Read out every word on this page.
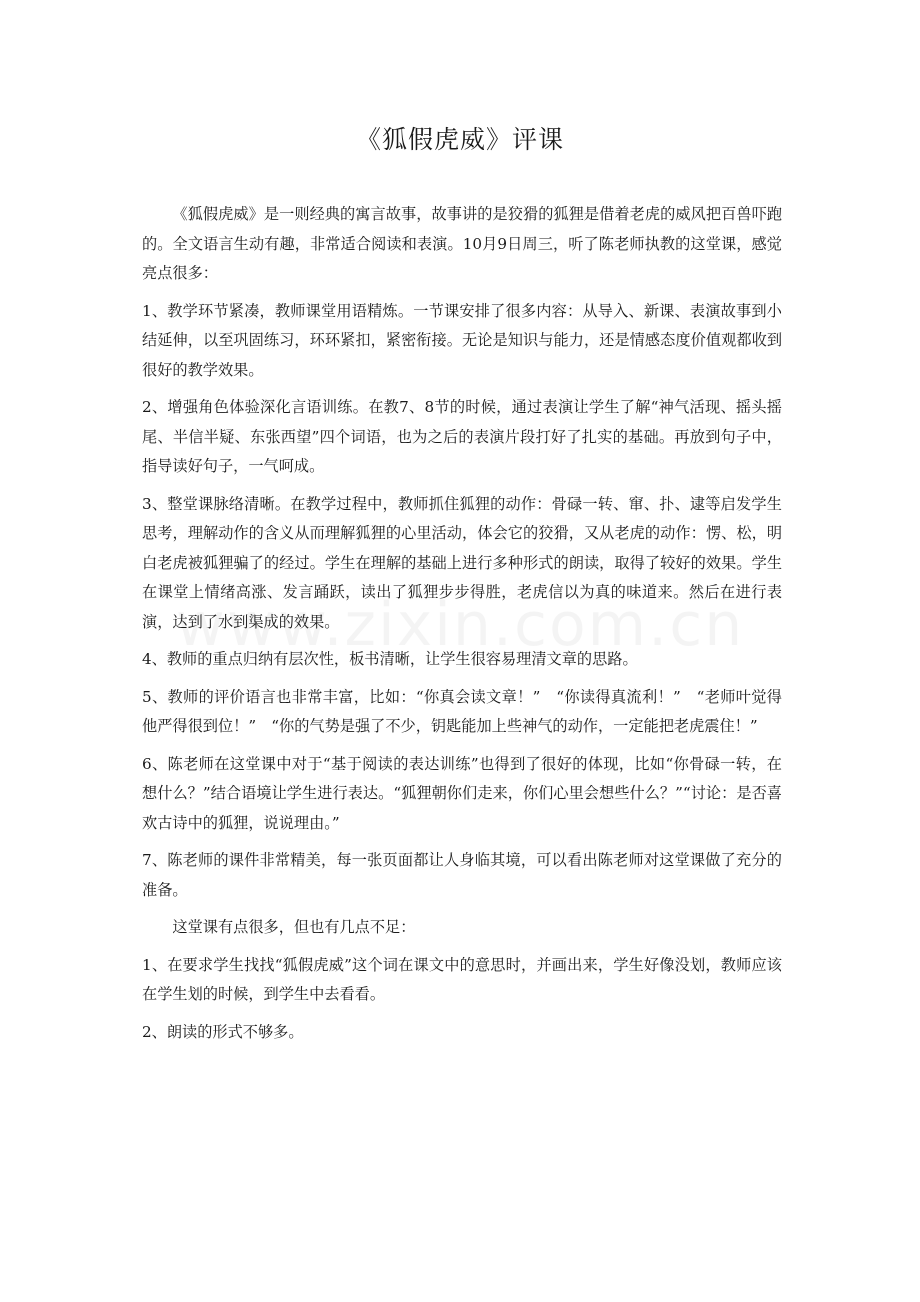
《狐假虎威》评课

《狐假虎威》是一则经典的寓言故事，故事讲的是狡猾的狐狸是借着老虎的威风把百兽吓跑的。全文语言生动有趣，非常适合阅读和表演。10月9日周三，听了陈老师执教的这堂课，感觉亮点很多：

1、教学环节紧凑，教师课堂用语精炼。一节课安排了很多内容：从导入、新课、表演故事到小结延伸，以至巩固练习，环环紧扣，紧密衔接。无论是知识与能力，还是情感态度价值观都收到很好的教学效果。

2、增强角色体验深化言语训练。在教7、8节的时候，通过表演让学生了解“神气活现、摇头摇尾、半信半疑、东张西望”四个词语，也为之后的表演片段打好了扎实的基础。再放到句子中，指导读好句子，一气呵成。

3、整堂课脉络清晰。在教学过程中，教师抓住狐狸的动作：骨碌一转、窜、扑、逮等启发学生思考，理解动作的含义从而理解狐狸的心里活动，体会它的狡猾，又从老虎的动作：愣、松，明白老虎被狐狸骗了的经过。学生在理解的基础上进行多种形式的朗读，取得了较好的效果。学生在课堂上情绪高涨、发言踊跃，读出了狐狸步步得胜，老虎信以为真的味道来。然后在进行表演，达到了水到渠成的效果。

4、教师的重点归纳有层次性，板书清晰，让学生很容易理清文章的思路。

5、教师的评价语言也非常丰富，比如：“你真会读文章！”　“你读得真流利！”　“老师叶觉得他严得很到位！”　“你的气势是强了不少，钥匙能加上些神气的动作，一定能把老虎震住！”

6、陈老师在这堂课中对于“基于阅读的表达训练”也得到了很好的体现，比如“你骨碌一转，在想什么？”结合语境让学生进行表达。“狐狸朝你们走来，你们心里会想些什么？”“讨论：是否喜欢古诗中的狐狸，说说理由。”

7、陈老师的课件非常精美，每一张页面都让人身临其境，可以看出陈老师对这堂课做了充分的准备。

这堂课有点很多，但也有几点不足：

1、在要求学生找找“狐假虎威”这个词在课文中的意思时，并画出来，学生好像没划，教师应该在学生划的时候，到学生中去看看。

2、朗读的形式不够多。
